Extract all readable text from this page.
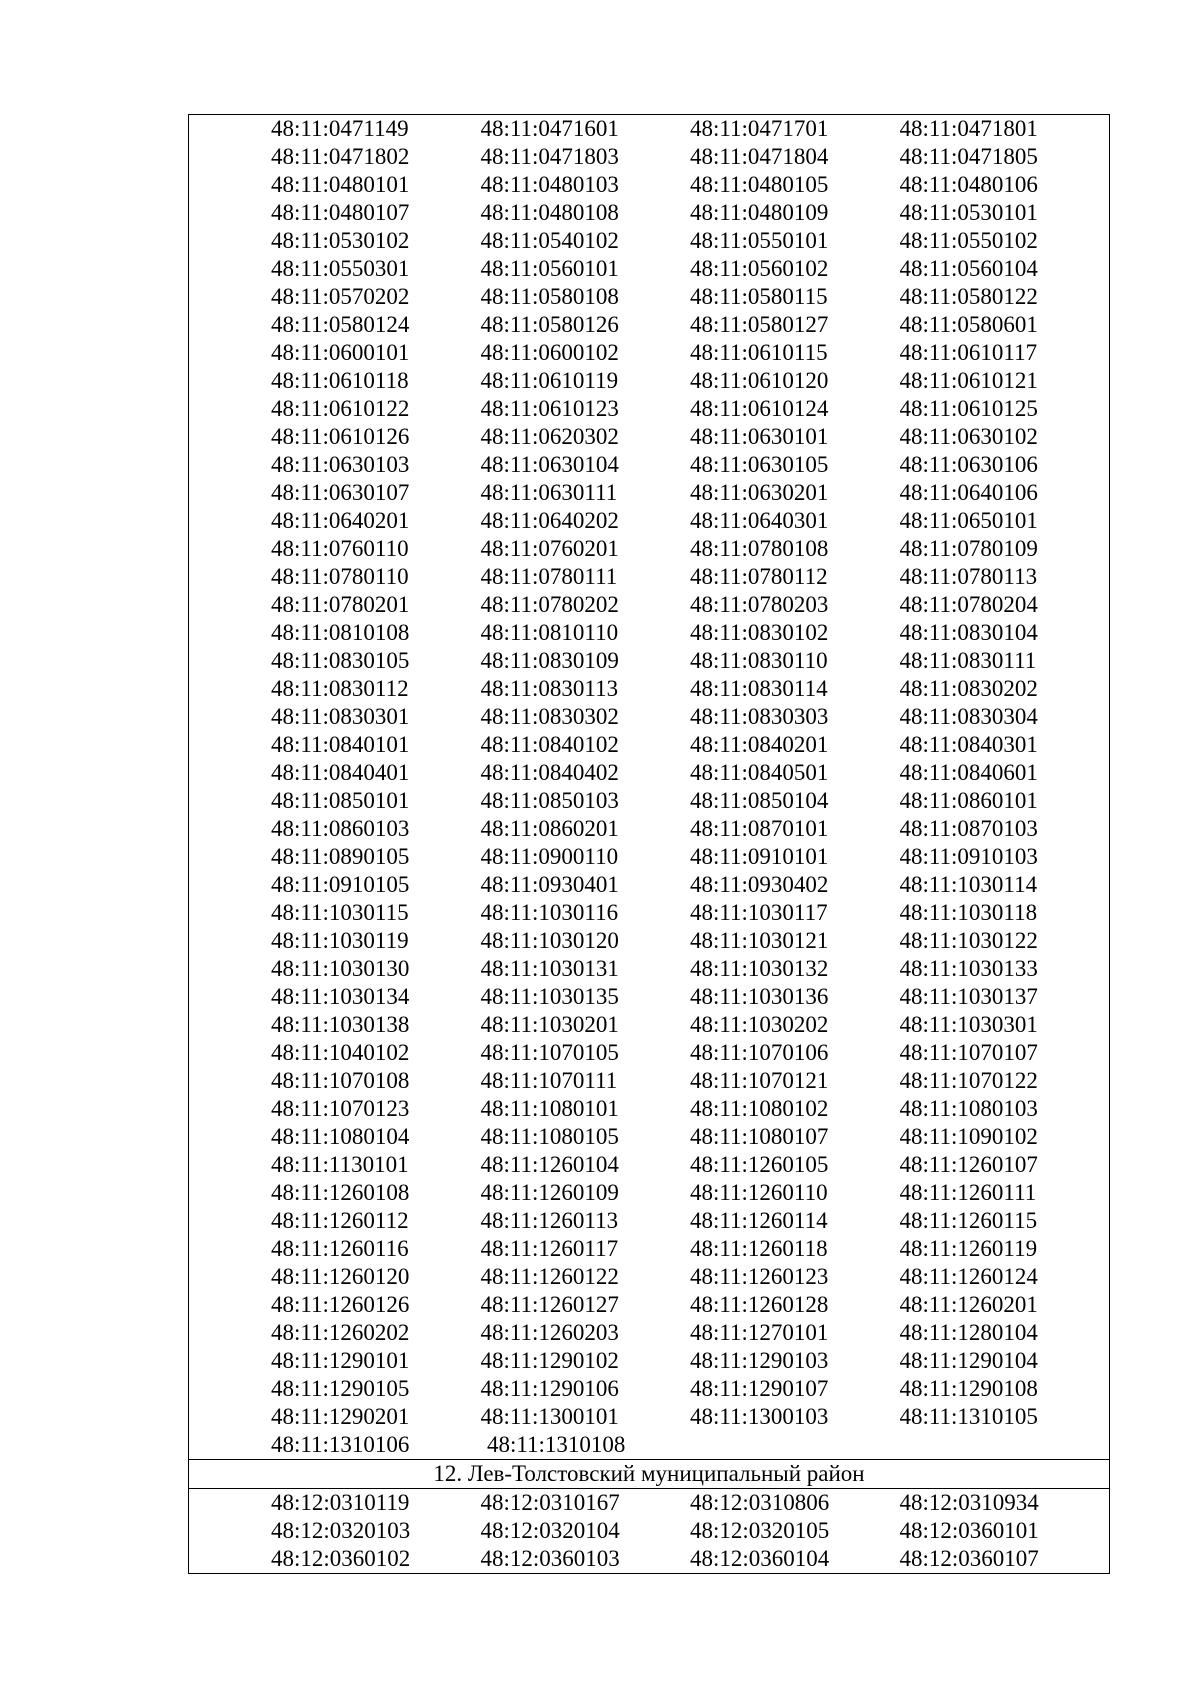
48:11:0471149	48:11:0471601	48:11:0471701	48:11:0471801
48:11:0471802	48:11:0471803	48:11:0471804	48:11:0471805
48:11:0480101	48:11:0480103	48:11:0480105	48:11:0480106
48:11:0480107	48:11:0480108	48:11:0480109	48:11:0530101
48:11:0530102	48:11:0540102	48:11:0550101	48:11:0550102
48:11:0550301	48:11:0560101	48:11:0560102	48:11:0560104
48:11:0570202	48:11:0580108	48:11:0580115	48:11:0580122
48:11:0580124	48:11:0580126	48:11:0580127	48:11:0580601
48:11:0600101	48:11:0600102	48:11:0610115	48:11:0610117
48:11:0610118	48:11:0610119	48:11:0610120	48:11:0610121
48:11:0610122	48:11:0610123	48:11:0610124	48:11:0610125
48:11:0610126	48:11:0620302	48:11:0630101	48:11:0630102
48:11:0630103	48:11:0630104	48:11:0630105	48:11:0630106
48:11:0630107	48:11:0630111	48:11:0630201	48:11:0640106
48:11:0640201	48:11:0640202	48:11:0640301	48:11:0650101
48:11:0760110	48:11:0760201	48:11:0780108	48:11:0780109
48:11:0780110	48:11:0780111	48:11:0780112	48:11:0780113
48:11:0780201	48:11:0780202	48:11:0780203	48:11:0780204
48:11:0810108	48:11:0810110	48:11:0830102	48:11:0830104
48:11:0830105	48:11:0830109	48:11:0830110	48:11:0830111
48:11:0830112	48:11:0830113	48:11:0830114	48:11:0830202
48:11:0830301	48:11:0830302	48:11:0830303	48:11:0830304
48:11:0840101	48:11:0840102	48:11:0840201	48:11:0840301
48:11:0840401	48:11:0840402	48:11:0840501	48:11:0840601
48:11:0850101	48:11:0850103	48:11:0850104	48:11:0860101
48:11:0860103	48:11:0860201	48:11:0870101	48:11:0870103
48:11:0890105	48:11:0900110	48:11:0910101	48:11:0910103
48:11:0910105	48:11:0930401	48:11:0930402	48:11:1030114
48:11:1030115	48:11:1030116	48:11:1030117	48:11:1030118
48:11:1030119	48:11:1030120	48:11:1030121	48:11:1030122
48:11:1030130	48:11:1030131	48:11:1030132	48:11:1030133
48:11:1030134	48:11:1030135	48:11:1030136	48:11:1030137
48:11:1030138	48:11:1030201	48:11:1030202	48:11:1030301
48:11:1040102	48:11:1070105	48:11:1070106	48:11:1070107
48:11:1070108	48:11:1070111	48:11:1070121	48:11:1070122
48:11:1070123	48:11:1080101	48:11:1080102	48:11:1080103
48:11:1080104	48:11:1080105	48:11:1080107	48:11:1090102
48:11:1130101	48:11:1260104	48:11:1260105	48:11:1260107
48:11:1260108	48:11:1260109	48:11:1260110	48:11:1260111
48:11:1260112	48:11:1260113	48:11:1260114	48:11:1260115
48:11:1260116	48:11:1260117	48:11:1260118	48:11:1260119
48:11:1260120	48:11:1260122	48:11:1260123	48:11:1260124
48:11:1260126	48:11:1260127	48:11:1260128	48:11:1260201
48:11:1260202	48:11:1260203	48:11:1270101	48:11:1280104
48:11:1290101	48:11:1290102	48:11:1290103	48:11:1290104
48:11:1290105	48:11:1290106	48:11:1290107	48:11:1290108
48:11:1290201	48:11:1300101	48:11:1300103	48:11:1310105
48:11:1310106	48:11:1310108
12. Лев-Толстовский муниципальный район
48:12:0310119	48:12:0310167	48:12:0310806	48:12:0310934
48:12:0320103	48:12:0320104	48:12:0320105	48:12:0360101
48:12:0360102	48:12:0360103	48:12:0360104	48:12:0360107
